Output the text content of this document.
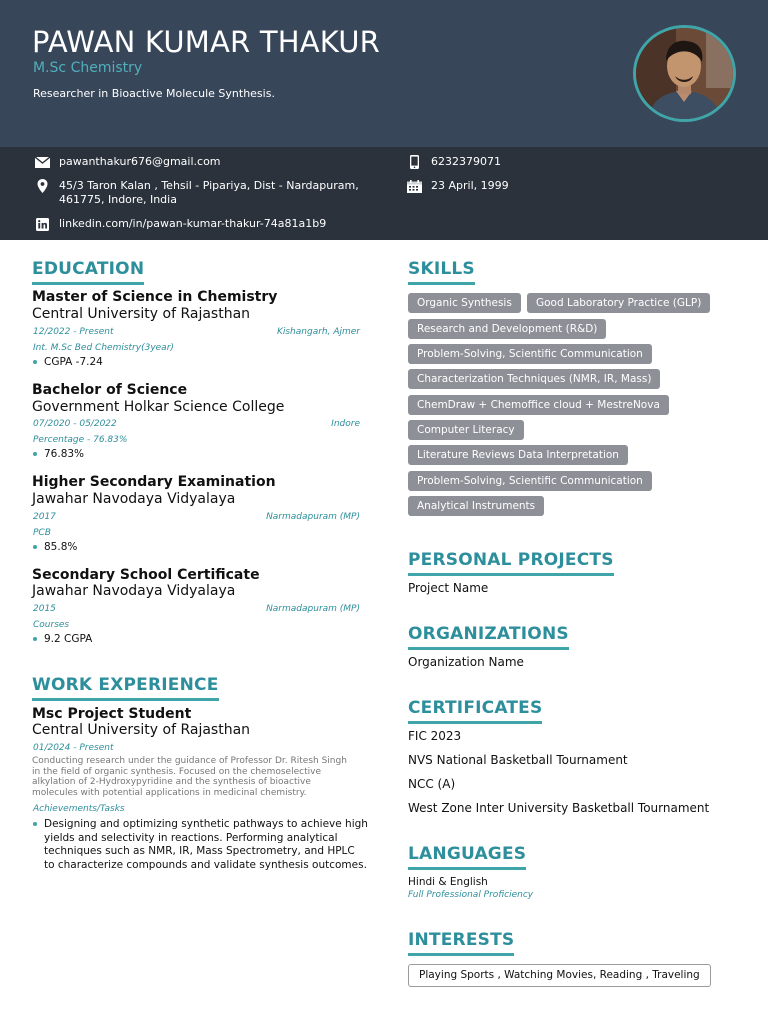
PAWAN KUMAR THAKUR
M.Sc Chemistry
Researcher in Bioactive Molecule Synthesis.
pawanthakur676@gmail.com
45/3 Taron Kalan , Tehsil - Pipariya, Dist - Nardapuram,
461775, Indore, India
linkedin.com/in/pawan-kumar-thakur-74a81a1b9
6232379071
23 April, 1999
EDUCATION
Master of Science in Chemistry
Central University of Rajasthan
12/2022 - Present	Kishangarh, Ajmer
Int. M.Sc Bed Chemistry(3year)
CGPA -7.24
Bachelor of Science
Government Holkar Science College
07/2020 - 05/2022	Indore
Percentage - 76.83%
76.83%
Higher Secondary Examination
Jawahar Navodaya Vidyalaya
2017	Narmadapuram (MP)
PCB
85.8%
Secondary School Certificate
Jawahar Navodaya Vidyalaya
2015	Narmadapuram (MP)
Courses
9.2 CGPA
WORK EXPERIENCE
Msc Project Student
Central University of Rajasthan
01/2024 - Present
Conducting research under the guidance of Professor Dr. Ritesh Singh
in the field of organic synthesis. Focused on the chemoselective
alkylation of 2-Hydroxypyridine and the synthesis of bioactive
molecules with potential applications in medicinal chemistry.
Achievements/Tasks
Designing and optimizing synthetic pathways to achieve high
yields and selectivity in reactions. Performing analytical
techniques such as NMR, IR, Mass Spectrometry, and HPLC
to characterize compounds and validate synthesis outcomes.
SKILLS
Organic Synthesis	Good Laboratory Practice (GLP)
Research and Development (R&D)
Problem-Solving, Scientific Communication
Characterization Techniques (NMR, IR, Mass)
ChemDraw + Chemoffice cloud + MestreNova
Computer Literacy
Literature Reviews Data Interpretation
Problem-Solving, Scientific Communication
Analytical Instruments
PERSONAL PROJECTS
Project Name
ORGANIZATIONS
Organization Name
CERTIFICATES
FIC 2023
NVS National Basketball Tournament
NCC (A)
West Zone Inter University Basketball Tournament
LANGUAGES
Hindi & English
Full Professional Proficiency
INTERESTS
Playing Sports , Watching Movies, Reading , Traveling
